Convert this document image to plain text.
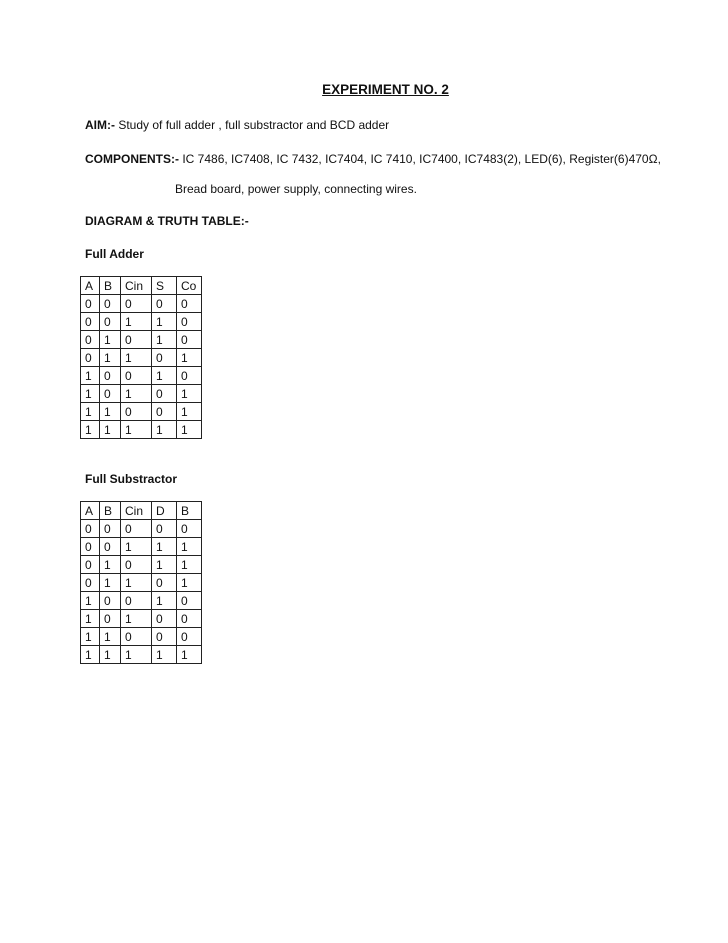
EXPERIMENT NO. 2
AIM:- Study of full adder , full substractor and BCD adder
COMPONENTS:- IC 7486, IC7408, IC 7432, IC7404, IC 7410, IC7400, IC7483(2), LED(6), Register(6)470Ω,
Bread board, power supply, connecting wires.
DIAGRAM & TRUTH TABLE:-
Full Adder
A	B	Cin	S	Co
0	0	0	0	0
0	0	1	1	0
0	1	0	1	0
0	1	1	0	1
1	0	0	1	0
1	0	1	0	1
1	1	0	0	1
1	1	1	1	1
Full Substractor
A	B	Cin	D	B
0	0	0	0	0
0	0	1	1	1
0	1	0	1	1
0	1	1	0	1
1	0	0	1	0
1	0	1	0	0
1	1	0	0	0
1	1	1	1	1
